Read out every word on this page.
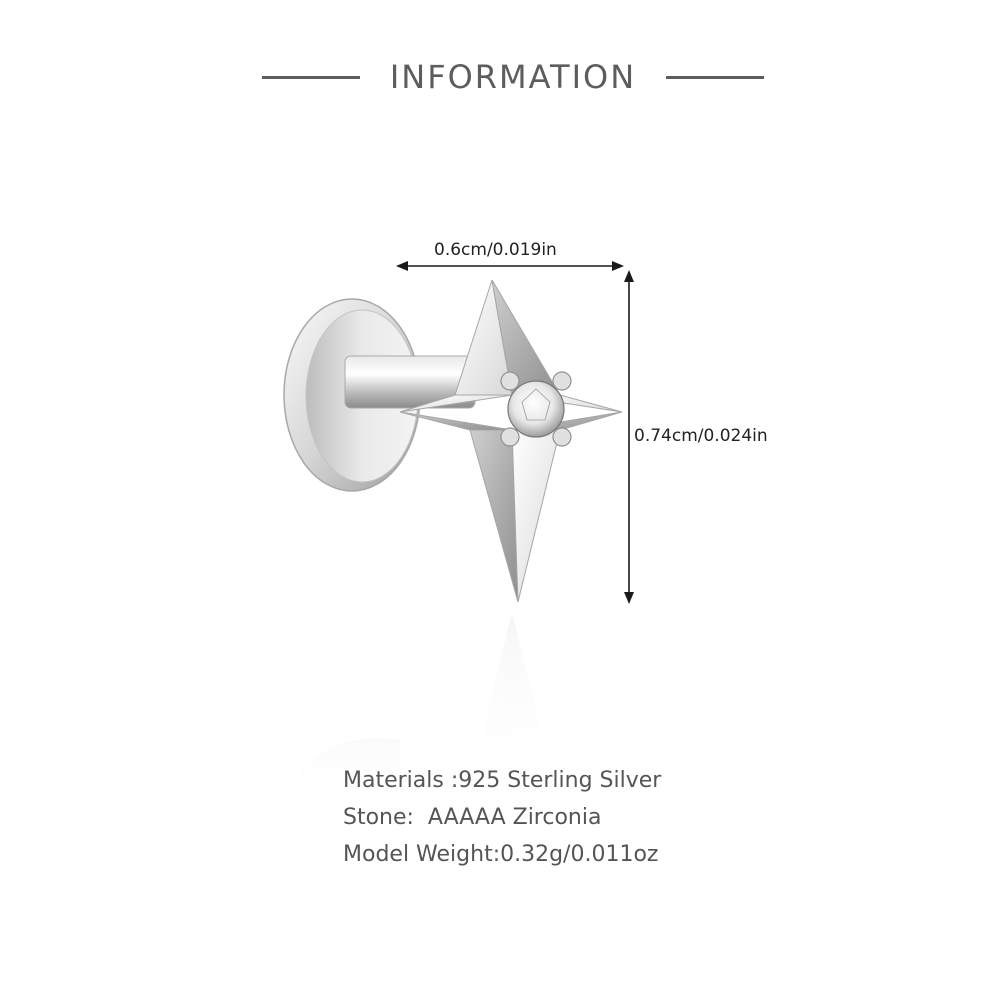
INFORMATION
0.6cm/0.019in
0.74cm/0.024in
Materials :925 Sterling Silver
Stone:  AAAAA Zirconia
Model Weight:0.32g/0.011oz
